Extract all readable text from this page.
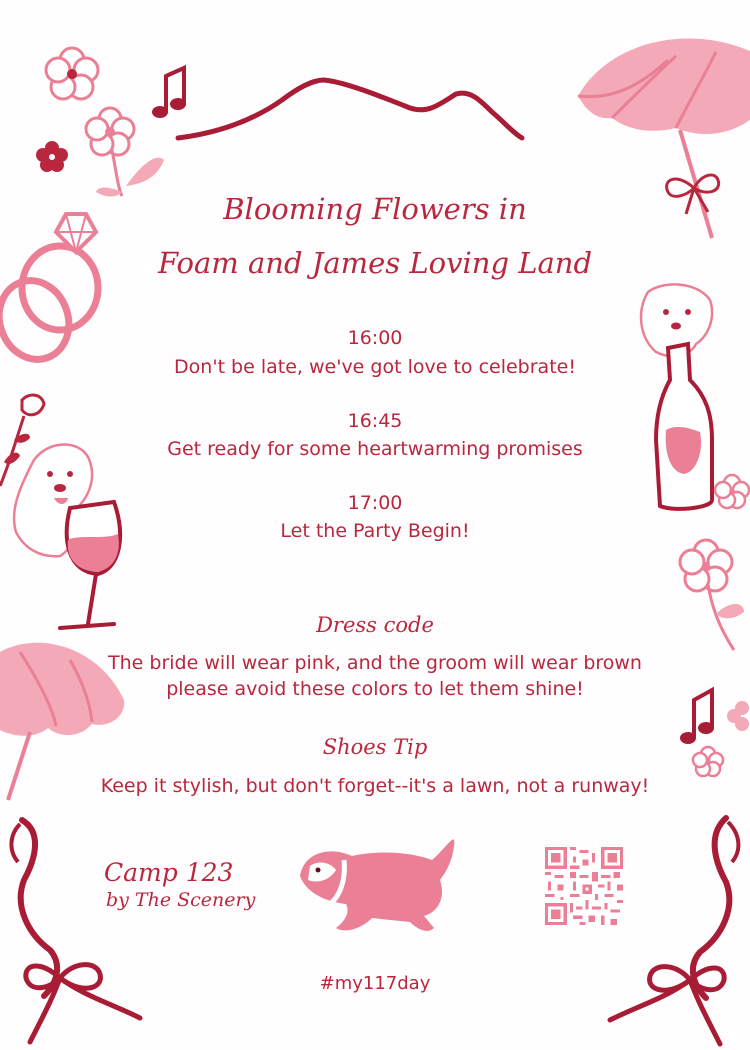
Blooming Flowers in
Foam and James Loving Land
16:00
Don't be late, we've got love to celebrate!
16:45
Get ready for some heartwarming promises
17:00
Let the Party Begin!
Dress code
The bride will wear pink, and the groom will wear brown
please avoid these colors to let them shine!
Shoes Tip
Keep it stylish, but don't forget--it's a lawn, not a runway!
Camp 123
by The Scenery
#my117day
